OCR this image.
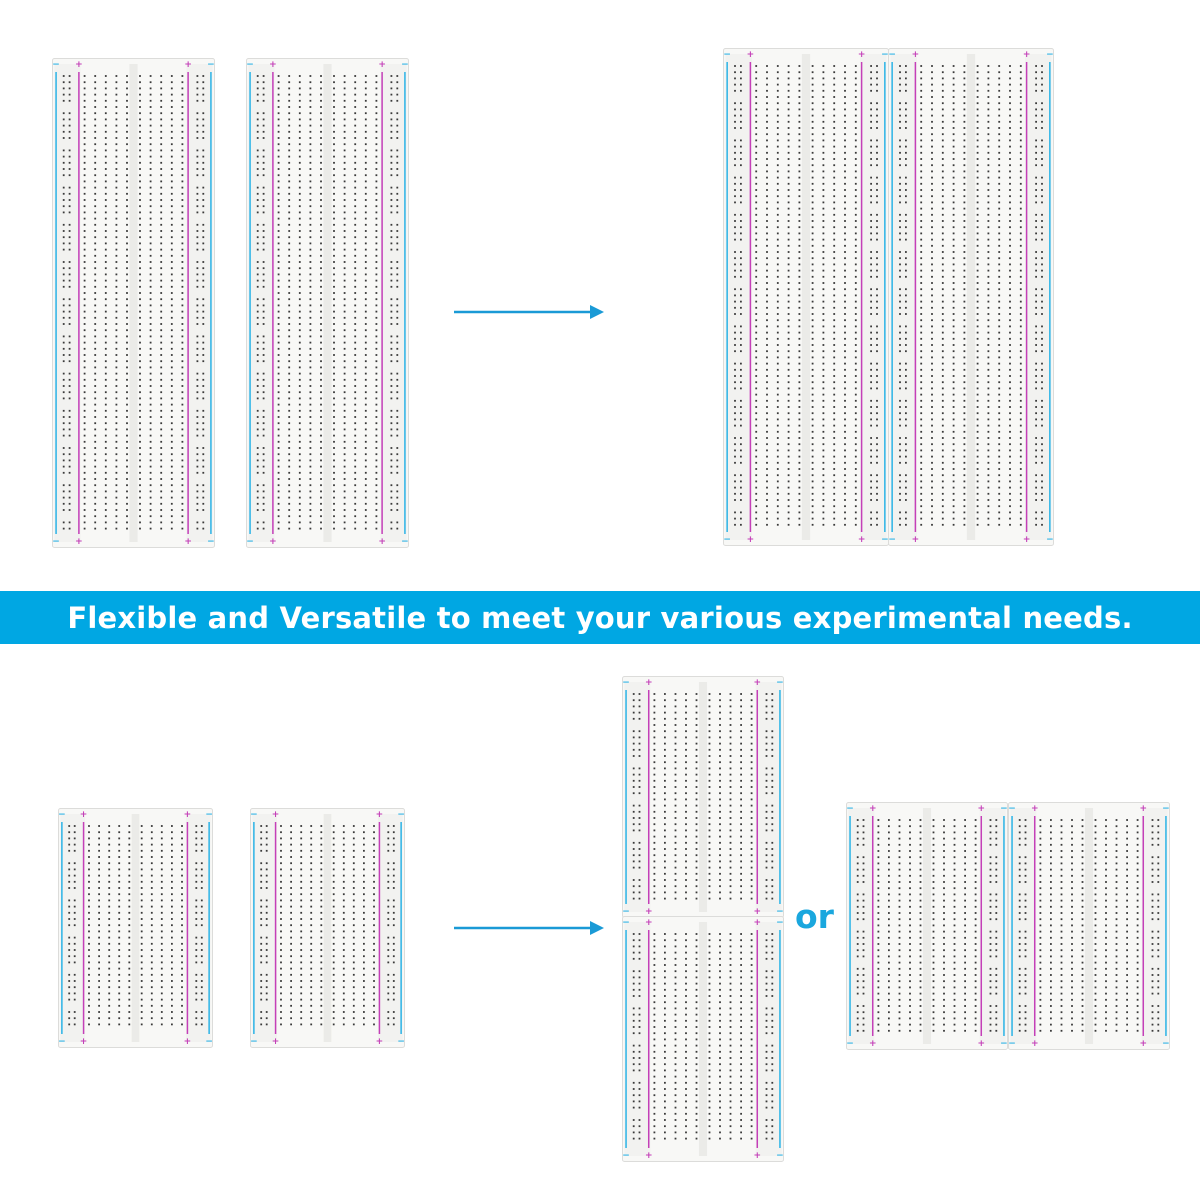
−
−
+
+
+
+
−
−
−
−
+
+
+
+
−
−
−
−
+
+
+
+
−
−
−
−
+
+
+
+
−
−
Flexible and Versatile to meet your various experimental needs.
−
−
+
+
+
+
−
−
−
−
+
+
+
+
−
−
−
−
+
+
+
+
−
−
−
−
+
+
+
+
−
−
or
−
−
+
+
+
+
−
−
−
−
+
+
+
+
−
−
